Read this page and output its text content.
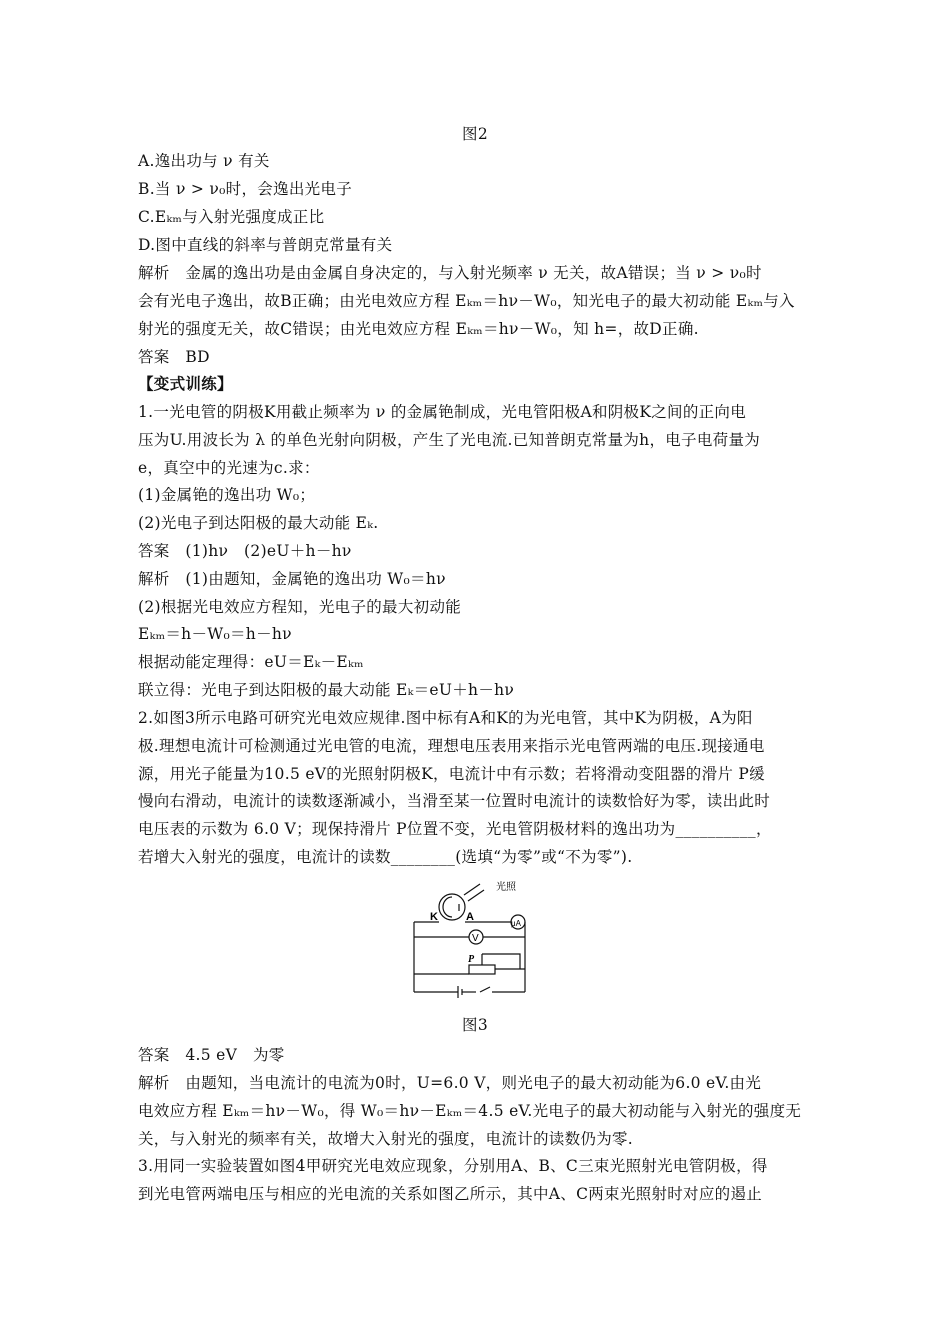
图2
A.逸出功与 ν 有关
B.当 ν > ν₀时，会逸出光电子
C.Eₖₘ与入射光强度成正比
D.图中直线的斜率与普朗克常量有关
解析　金属的逸出功是由金属自身决定的，与入射光频率 ν 无关，故A错误；当 ν > ν₀时
会有光电子逸出，故B正确；由光电效应方程 Eₖₘ＝hν－W₀，知光电子的最大初动能 Eₖₘ与入
射光的强度无关，故C错误；由光电效应方程 Eₖₘ＝hν－W₀，知 h=，故D正确.
答案　BD
【变式训练】
1.一光电管的阴极K用截止频率为 ν 的金属铯制成，光电管阳极A和阴极K之间的正向电
压为U.用波长为 λ 的单色光射向阴极，产生了光电流.已知普朗克常量为h，电子电荷量为
e，真空中的光速为c.求：
(1)金属铯的逸出功 W₀；
(2)光电子到达阳极的最大动能 Eₖ.
答案　(1)hν　(2)eU＋h－hν
解析　(1)由题知，金属铯的逸出功 W₀＝hν
(2)根据光电效应方程知，光电子的最大初动能
Eₖₘ＝h－W₀＝h－hν
根据动能定理得：eU＝Eₖ－Eₖₘ
联立得：光电子到达阳极的最大动能 Eₖ＝eU＋h－hν
2.如图3所示电路可研究光电效应规律.图中标有A和K的为光电管，其中K为阴极，A为阳
极.理想电流计可检测通过光电管的电流，理想电压表用来指示光电管两端的电压.现接通电
源，用光子能量为10.5 eV的光照射阴极K，电流计中有示数；若将滑动变阻器的滑片 P缓
慢向右滑动，电流计的读数逐渐减小，当滑至某一位置时电流计的读数恰好为零，读出此时
电压表的示数为 6.0 V；现保持滑片 P位置不变，光电管阴极材料的逸出功为__________，
若增大入射光的强度，电流计的读数________(选填“为零”或“不为零”).
光照
K	A
V
μA
P
图3
答案　4.5 eV　为零
解析　由题知，当电流计的电流为0时，U=6.0 V，则光电子的最大初动能为6.0 eV.由光
电效应方程 Eₖₘ＝hν－W₀，得 W₀＝hν－Eₖₘ＝4.5 eV.光电子的最大初动能与入射光的强度无
关，与入射光的频率有关，故增大入射光的强度，电流计的读数仍为零.
3.用同一实验装置如图4甲研究光电效应现象，分别用A、B、C三束光照射光电管阴极，得
到光电管两端电压与相应的光电流的关系如图乙所示，其中A、C两束光照射时对应的遏止
